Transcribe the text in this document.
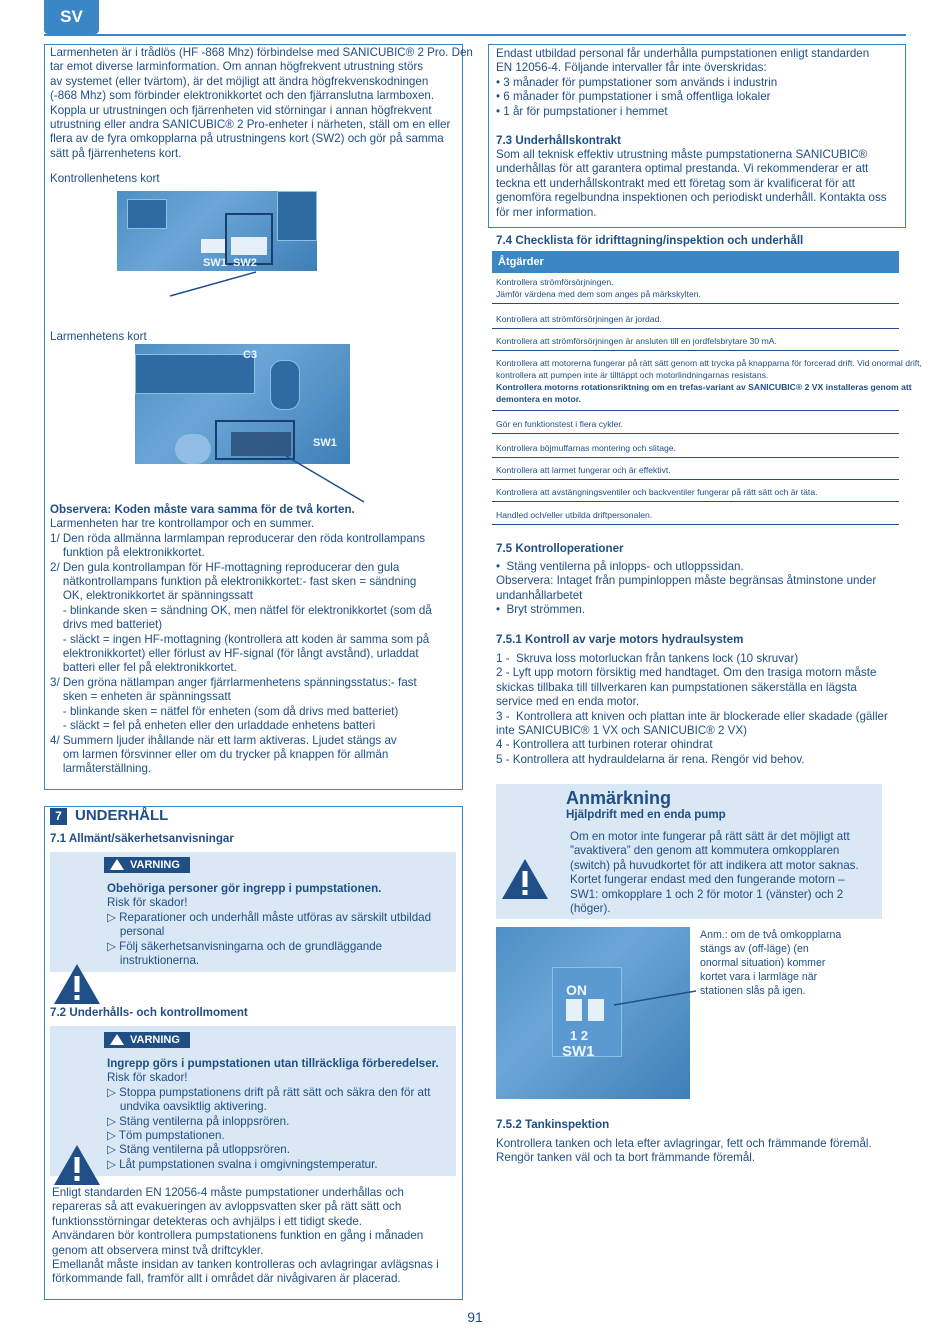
SV
Larmenheten är i trådlös (HF -868 Mhz) förbindelse med SANICUBIC® 2 Pro. Den
tar emot diverse larminformation. Om annan högfrekvent utrustning störs
av systemet (eller tvärtom), är det möjligt att ändra högfrekvenskodningen
(-868 Mhz) som förbinder elektronikkortet och den fjärranslutna larmboxen.
Koppla ur utrustningen och fjärrenheten vid störningar i annan högfrekvent
utrustning eller andra SANICUBIC® 2 Pro-enheter i närheten, ställ om en eller
flera av de fyra omkopplarna på utrustningens kort (SW2) och gör på samma
sätt på fjärrenhetens kort.
Kontrollenhetens kort
SW1 SW2
Larmenhetens kort
C3
SW1
Observera: Koden måste vara samma för de två korten.
Larmenheten har tre kontrollampor och en summer.
1/ Den röda allmänna larmlampan reproducerar den röda kontrollampans
funktion på elektronikkortet.
2/ Den gula kontrollampan för HF-mottagning reproducerar den gula
nätkontrollampans funktion på elektronikkortet:- fast sken = sändning
OK, elektronikkortet är spänningssatt
- blinkande sken = sändning OK, men nätfel för elektronikkortet (som då
drivs med batteriet)
- släckt = ingen HF-mottagning (kontrollera att koden är samma som på
elektronikkortet) eller förlust av HF-signal (för långt avstånd), urladdat
batteri eller fel på elektronikkortet.
3/ Den gröna nätlampan anger fjärrlarmenhetens spänningsstatus:- fast
sken = enheten är spänningssatt
- blinkande sken = nätfel för enheten (som då drivs med batteriet)
- släckt = fel på enheten eller den urladdade enhetens batteri
4/ Summern ljuder ihållande när ett larm aktiveras. Ljudet stängs av
om larmen försvinner eller om du trycker på knappen för allmän
larmåterställning.
7 UNDERHÅLL
7.1 Allmänt/säkerhetsanvisningar
VARNING
Obehöriga personer gör ingrepp i pumpstationen.
Risk för skador!
▷ Reparationer och underhåll måste utföras av särskilt utbildad
personal
▷ Följ säkerhetsanvisningarna och de grundläggande
instruktionerna.
7.2 Underhålls- och kontrollmoment
VARNING
Ingrepp görs i pumpstationen utan tillräckliga förberedelser.
Risk för skador!
▷ Stoppa pumpstationens drift på rätt sätt och säkra den för att
undvika oavsiktlig aktivering.
▷ Stäng ventilerna på inloppsrören.
▷ Töm pumpstationen.
▷ Stäng ventilerna på utloppsrören.
▷ Låt pumpstationen svalna i omgivningstemperatur.
Enligt standarden EN 12056-4 måste pumpstationer underhållas och
repareras så att evakueringen av avloppsvatten sker på rätt sätt och
funktionsstörningar detekteras och avhjälps i ett tidigt skede.
Användaren bör kontrollera pumpstationens funktion en gång i månaden
genom att observera minst två driftcykler.
Emellanåt måste insidan av tanken kontrolleras och avlagringar avlägsnas i
förkommande fall, framför allt i området där nivågivaren är placerad.
Endast utbildad personal får underhålla pumpstationen enligt standarden
EN 12056-4. Följande intervaller får inte överskridas:
• 3 månader för pumpstationer som används i industrin
• 6 månader för pumpstationer i små offentliga lokaler
• 1 år för pumpstationer i hemmet
7.3 Underhållskontrakt
Som all teknisk effektiv utrustning måste pumpstationerna SANICUBIC®
underhållas för att garantera optimal prestanda. Vi rekommenderar er att
teckna ett underhållskontrakt med ett företag som är kvalificerat för att
genomföra regelbundna inspektionen och periodiskt underhåll. Kontakta oss
för mer information.
7.4 Checklista för idrifttagning/inspektion och underhåll
Åtgärder
Kontrollera strömförsörjningen.
Jämför värdena med dem som anges på märkskylten.
Kontrollera att strömförsörjningen är jordad.
Kontrollera att strömförsörjningen är ansluten till en jordfelsbrytare 30 mA.
Kontrollera att motorerna fungerar på rätt sätt genom att trycka på knapparna för forcerad drift. Vid onormal drift,
kontrollera att pumpen inte är tilltäppt och motorlindningarnas resistans.
Kontrollera motorns rotationsriktning om en trefas-variant av SANICUBIC® 2 VX installeras genom att
demontera en motor.
Gör en funktionstest i flera cykler.
Kontrollera böjmuffarnas montering och slitage.
Kontrollera att larmet fungerar och är effektivt.
Kontrollera att avstängningsventiler och backventiler fungerar på rätt sätt och är täta.
Handled och/eller utbilda driftpersonalen.
7.5 Kontrolloperationer
•  Stäng ventilerna på inlopps- och utloppssidan.
Observera: Intaget från pumpinloppen måste begränsas åtminstone under
undanhållarbetet
•  Bryt strömmen.
7.5.1 Kontroll av varje motors hydraulsystem
1 -  Skruva loss motorluckan från tankens lock (10 skruvar)
2 - Lyft upp motorn försiktig med handtaget. Om den trasiga motorn måste
skickas tillbaka till tillverkaren kan pumpstationen säkerställa en lägsta
service med en enda motor.
3 -  Kontrollera att kniven och plattan inte är blockerade eller skadade (gäller
inte SANICUBIC® 1 VX och SANICUBIC® 2 VX)
4 - Kontrollera att turbinen roterar ohindrat
5 - Kontrollera att hydrauldelarna är rena. Rengör vid behov.
Anmärkning
Hjälpdrift med en enda pump
Om en motor inte fungerar på rätt sätt är det möjligt att
”avaktivera” den genom att kommutera omkopplaren
(switch) på huvudkortet för att indikera att motor saknas.
Kortet fungerar endast med den fungerande motorn –
SW1: omkopplare 1 och 2 för motor 1 (vänster) och 2
(höger).
ON
1 2
SW1
Anm.: om de två omkopplarna
stängs av (off-läge) (en
onormal situation) kommer
kortet vara i larmläge när
stationen slås på igen.
7.5.2 Tankinspektion
Kontrollera tanken och leta efter avlagringar, fett och främmande föremål.
Rengör tanken väl och ta bort främmande föremål.
91
